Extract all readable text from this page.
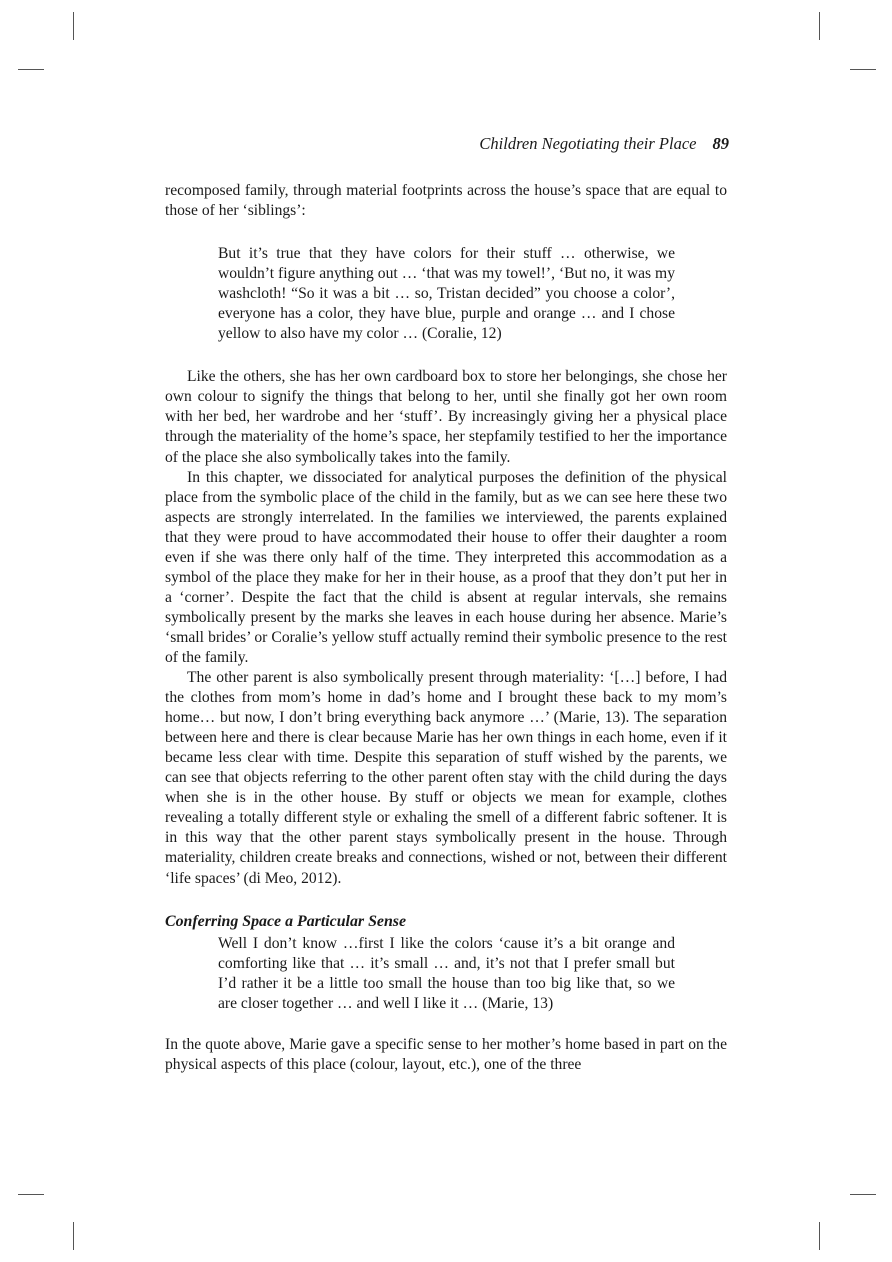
Children Negotiating their Place 89

recomposed family, through material footprints across the house’s space that are equal to those of her ‘siblings’:

But it’s true that they have colors for their stuff … otherwise, we wouldn’t figure anything out … ‘that was my towel!’, ‘But no, it was my washcloth! “So it was a bit … so, Tristan decided” you choose a color’, everyone has a color, they have blue, purple and orange … and I chose yellow to also have my color … (Coralie, 12)

Like the others, she has her own cardboard box to store her belongings, she chose her own colour to signify the things that belong to her, until she finally got her own room with her bed, her wardrobe and her ‘stuff’. By increasingly giving her a physical place through the materiality of the home’s space, her stepfamily testified to her the importance of the place she also symbolically takes into the family.

In this chapter, we dissociated for analytical purposes the definition of the physical place from the symbolic place of the child in the family, but as we can see here these two aspects are strongly interrelated. In the families we interviewed, the parents explained that they were proud to have accommodated their house to offer their daughter a room even if she was there only half of the time. They interpreted this accommodation as a symbol of the place they make for her in their house, as a proof that they don’t put her in a ‘corner’. Despite the fact that the child is absent at regular intervals, she remains symbolically present by the marks she leaves in each house during her absence. Marie’s ‘small brides’ or Coralie’s yellow stuff actually remind their symbolic presence to the rest of the family.

The other parent is also symbolically present through materiality: ‘[…] before, I had the clothes from mom’s home in dad’s home and I brought these back to my mom’s home… but now, I don’t bring everything back anymore …’ (Marie, 13). The separation between here and there is clear because Marie has her own things in each home, even if it became less clear with time. Despite this separation of stuff wished by the parents, we can see that objects referring to the other parent often stay with the child during the days when she is in the other house. By stuff or objects we mean for example, clothes revealing a totally different style or exhaling the smell of a different fabric softener. It is in this way that the other parent stays symbolically present in the house. Through materiality, children create breaks and connections, wished or not, between their different ‘life spaces’ (di Meo, 2012).

Conferring Space a Particular Sense
Well I don’t know …first I like the colors ‘cause it’s a bit orange and comforting like that … it’s small … and, it’s not that I prefer small but I’d rather it be a little too small the house than too big like that, so we are closer together … and well I like it … (Marie, 13)

In the quote above, Marie gave a specific sense to her mother’s home based in part on the physical aspects of this place (colour, layout, etc.), one of the three
